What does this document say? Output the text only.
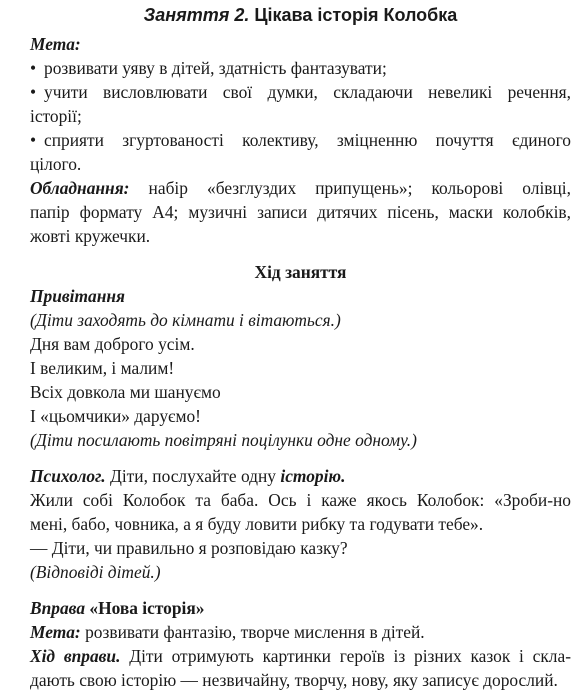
Заняття 2. Цікава історія Колобка

Мета:

• розвивати уяву в дітей, здатність фантазувати;

• учити висловлювати свої думки, складаючи невеликі речення,

історії;

• сприяти згуртованості колективу, зміцненню почуття єдиного

цілого.

Обладнання: набір «безглуздих припущень»; кольорові олівці,

папір формату А4; музичні записи дитячих пісень, маски колобків,

жовті кружечки.

Хід заняття

Привітання

(Діти заходять до кімнати і вітаються.)

Дня вам доброго усім.

І великим, і малим!

Всіх довкола ми шануємо

І «цьомчики» даруємо!

(Діти посилають повітряні поцілунки одне одному.)

Психолог. Діти, послухайте одну історію.

Жили собі Колобок та баба. Ось і каже якось Колобок: «Зроби-но

мені, бабо, човника, а я буду ловити рибку та годувати тебе».

— Діти, чи правильно я розповідаю казку?

(Відповіді дітей.)

Вправа «Нова історія»

Мета: розвивати фантазію, творче мислення в дітей.

Хід вправи. Діти отримують картинки героїв із різних казок і скла-

дають свою історію — незвичайну, творчу, нову, яку записує дорослий.
